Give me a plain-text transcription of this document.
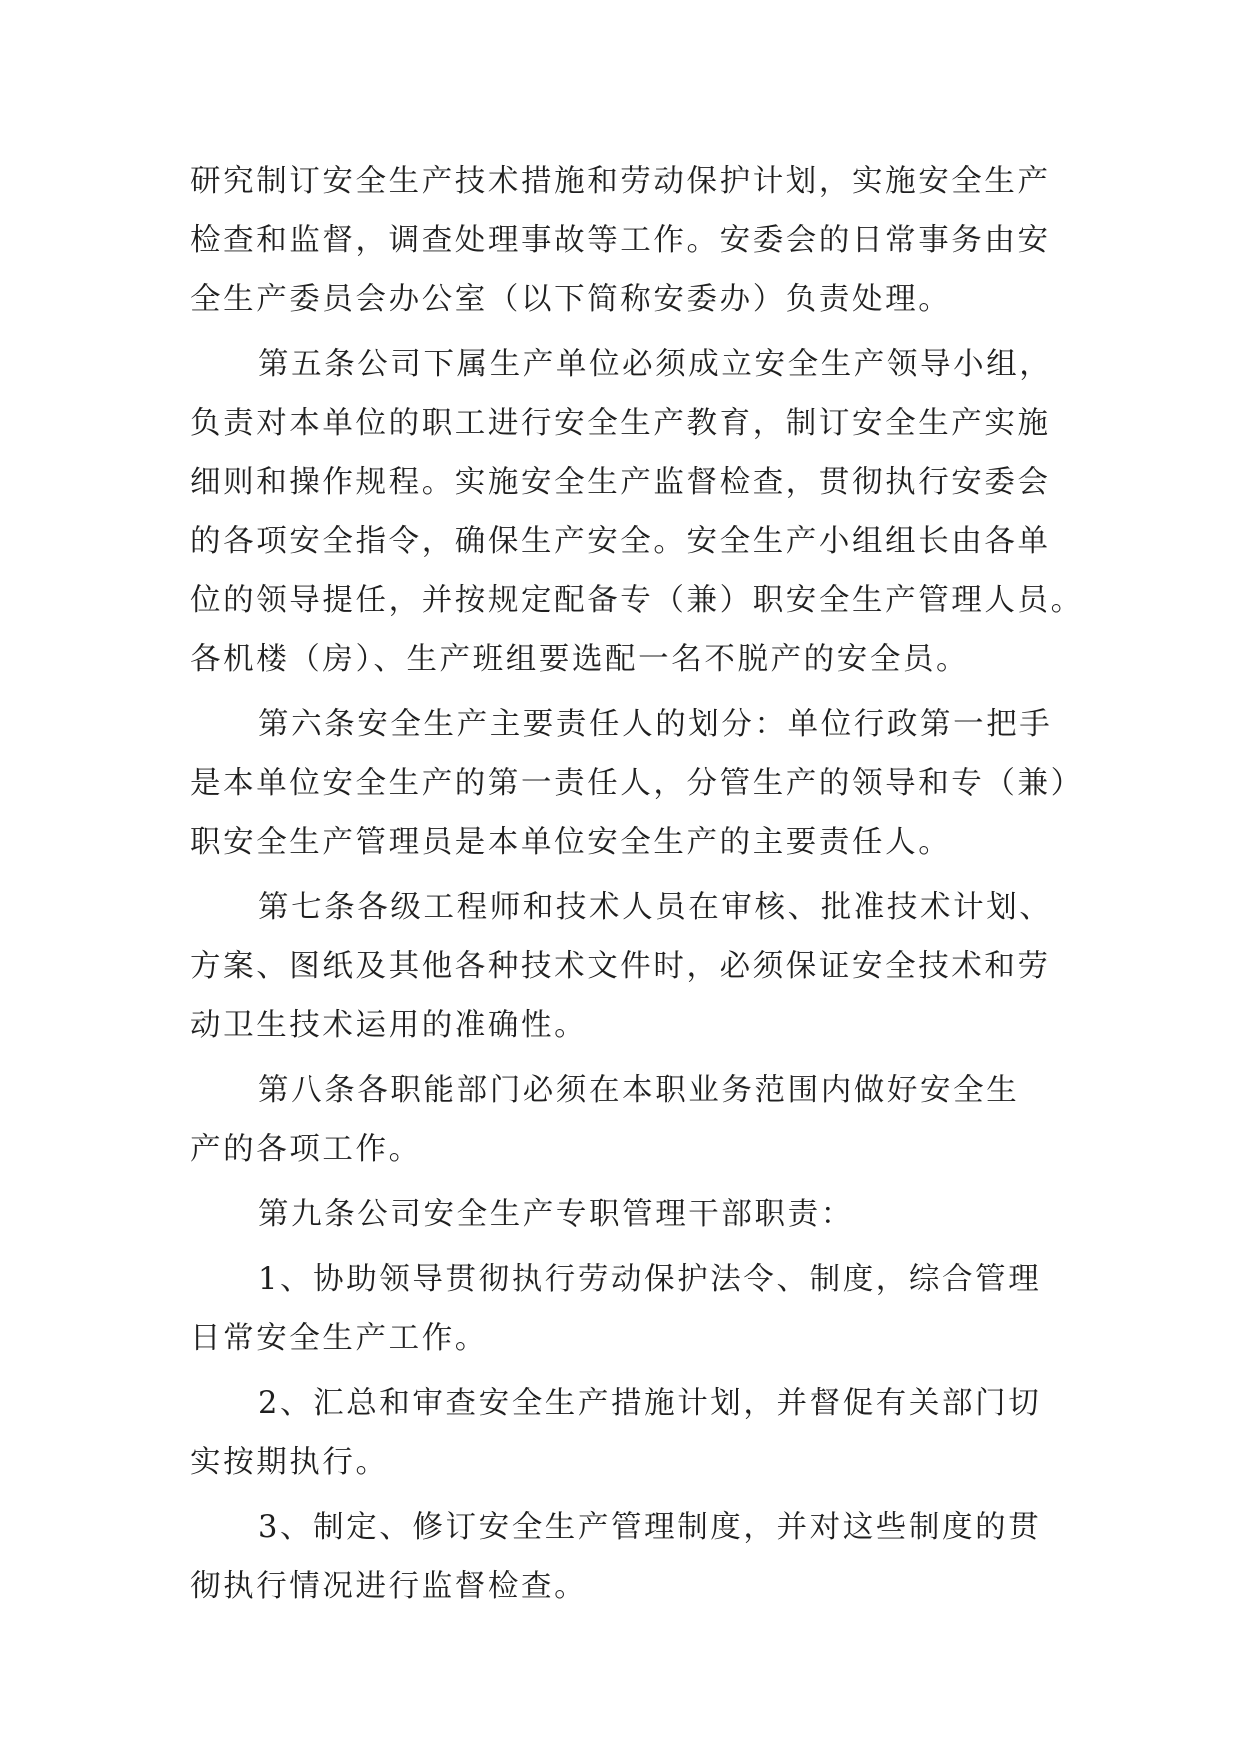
研究制订安全生产技术措施和劳动保护计划，实施安全生产
检查和监督，调查处理事故等工作。安委会的日常事务由安
全生产委员会办公室（以下简称安委办）负责处理。
第五条公司下属生产单位必须成立安全生产领导小组，
负责对本单位的职工进行安全生产教育，制订安全生产实施
细则和操作规程。实施安全生产监督检查，贯彻执行安委会
的各项安全指令，确保生产安全。安全生产小组组长由各单
位的领导提任，并按规定配备专（兼）职安全生产管理人员。
各机楼（房）、生产班组要选配一名不脱产的安全员。
第六条安全生产主要责任人的划分：单位行政第一把手
是本单位安全生产的第一责任人，分管生产的领导和专（兼）
职安全生产管理员是本单位安全生产的主要责任人。
第七条各级工程师和技术人员在审核、批准技术计划、
方案、图纸及其他各种技术文件时，必须保证安全技术和劳
动卫生技术运用的准确性。
第八条各职能部门必须在本职业务范围内做好安全生
产的各项工作。
第九条公司安全生产专职管理干部职责：
1、协助领导贯彻执行劳动保护法令、制度，综合管理
日常安全生产工作。
2、汇总和审查安全生产措施计划，并督促有关部门切
实按期执行。
3、制定、修订安全生产管理制度，并对这些制度的贯
彻执行情况进行监督检查。
